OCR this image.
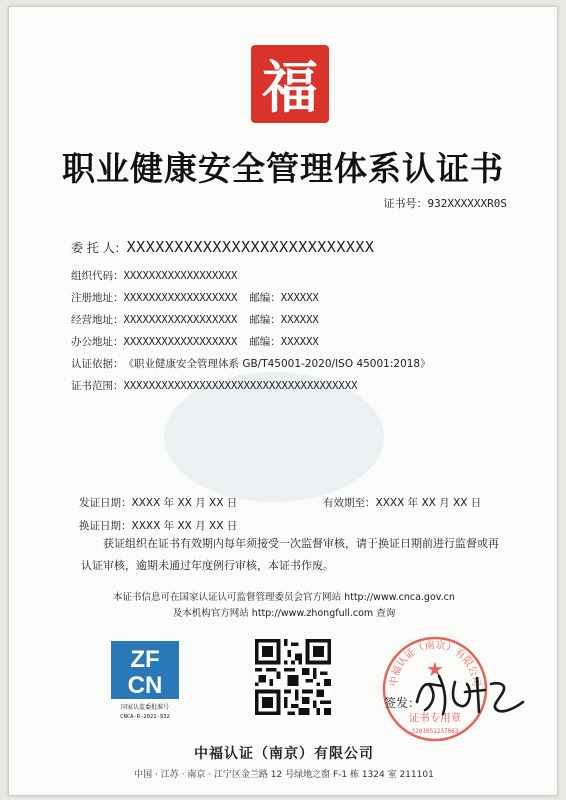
福
职业健康安全管理体系认证书
证书号：932XXXXXXR0S
委 托 人：XXXXXXXXXXXXXXXXXXXXXXXXXX
组织代码：XXXXXXXXXXXXXXXXXX
注册地址：XXXXXXXXXXXXXXXXXX 邮编：XXXXXX
经营地址：XXXXXXXXXXXXXXXXXX 邮编：XXXXXX
办公地址：XXXXXXXXXXXXXXXXXX 邮编：XXXXXX
认证依据：《职业健康安全管理体系 GB/T45001-2020/ISO 45001:2018》
证书范围：XXXXXXXXXXXXXXXXXXXXXXXXXXXXXXXXXXXXX
发证日期：XXXX 年 XX 月 XX 日	有效期至：XXXX 年 XX 月 XX 日
换证日期：XXXX 年 XX 月 XX 日
获证组织在证书有效期内每年须接受一次监督审核，请于换证日期前进行监督或再认证审核，逾期未通过年度例行审核，本证书作废。
本证书信息可在国家认证认可监督管理委员会官方网站 http://www.cnca.gov.cn
及本机构官方网站 http://www.zhongfull.com 查询
ZF
CN
国家认监委批准号
CNCA-R-2021-932
中福认证（南京）有限公司
★
证书专用章
3201051237063
签发：
中福认证（南京）有限公司
中国 · 江苏 · 南京 · 江宁区金兰路 12 号绿地之窗 F-1 栋 1324 室 211101
